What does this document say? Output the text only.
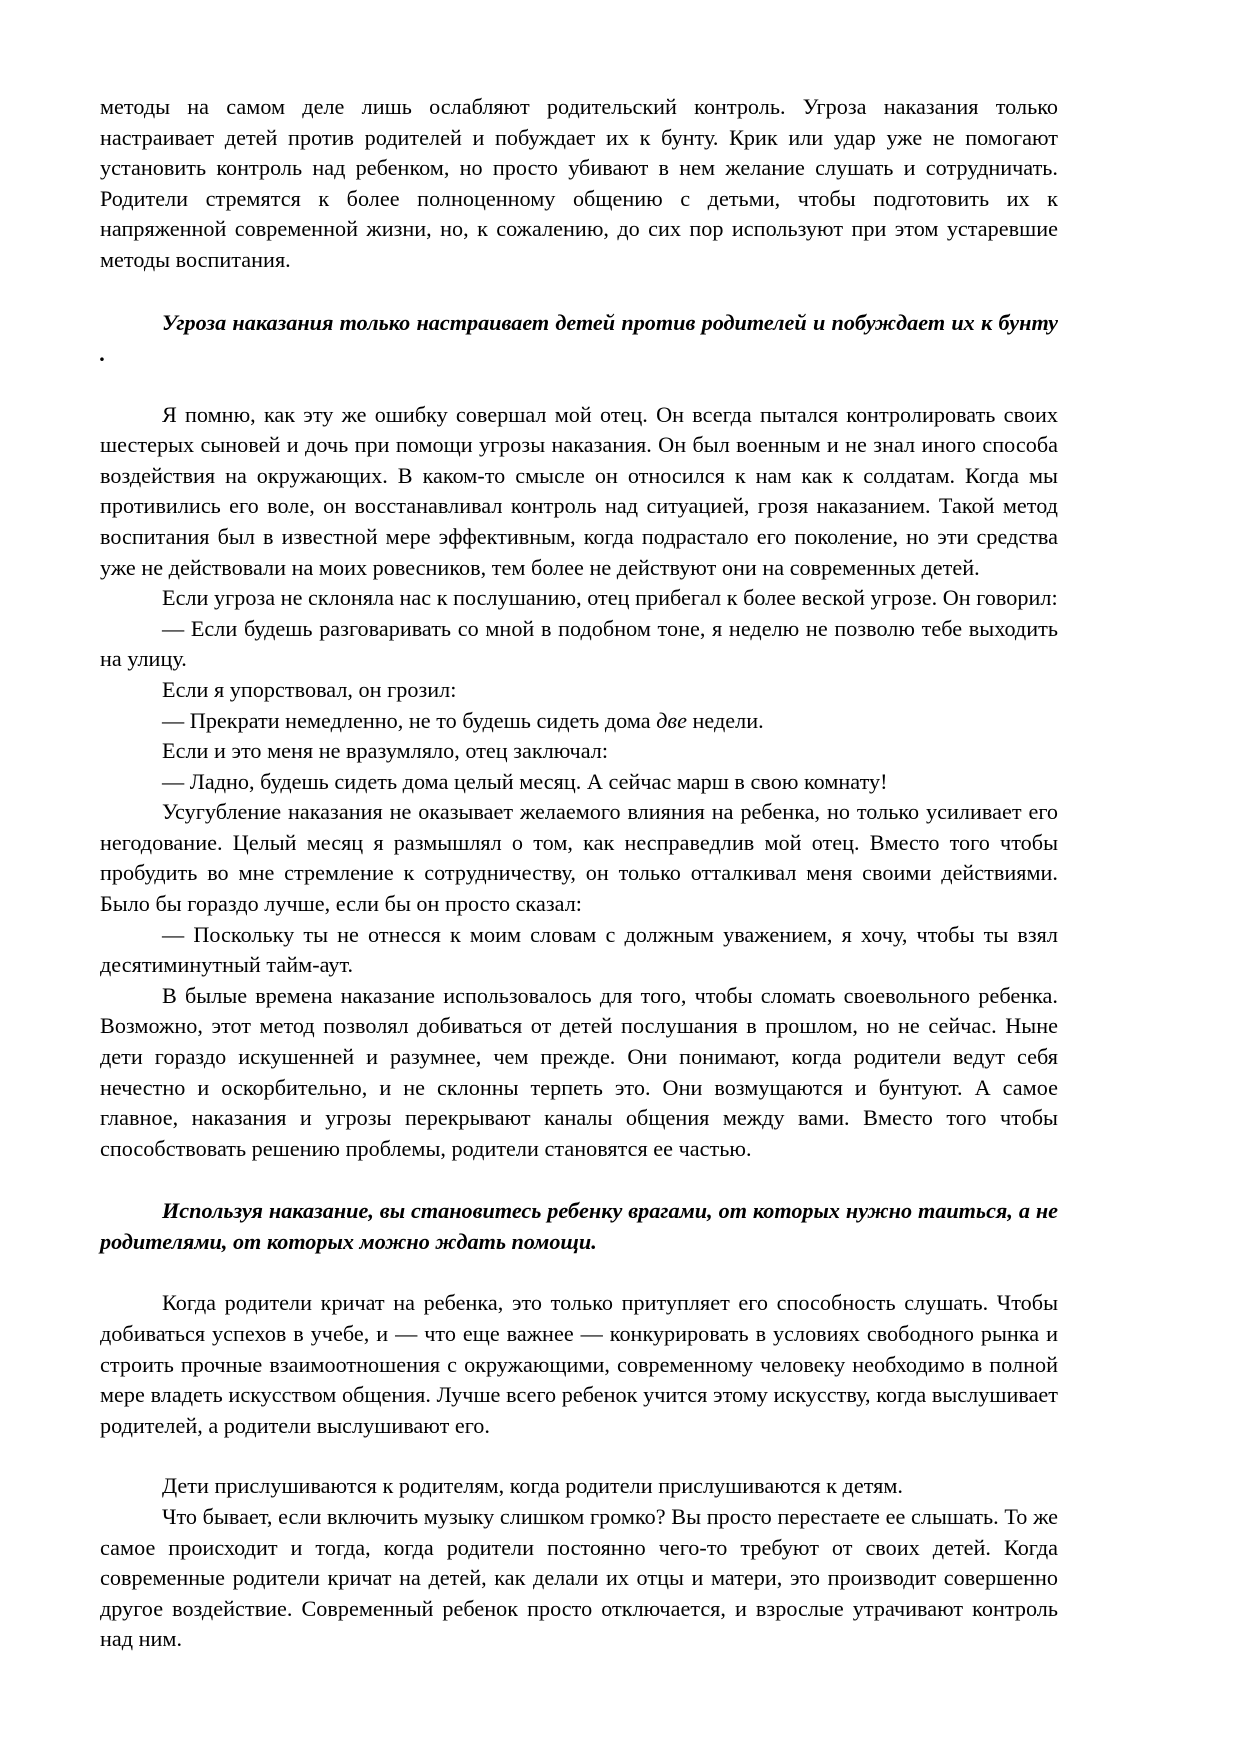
методы на самом деле лишь ослабляют родительский контроль. Угроза наказания только настраивает детей против родителей и побуждает их к бунту. Крик или удар уже не помогают установить контроль над ребенком, но просто убивают в нем желание слушать и сотрудничать. Родители стремятся к более полноценному общению с детьми, чтобы подготовить их к напряженной современной жизни, но, к сожалению, до сих пор используют при этом устаревшие методы воспитания.

Угроза наказания только настраивает детей против родителей и побуждает их к бунту .

Я помню, как эту же ошибку совершал мой отец. Он всегда пытался контролировать своих шестерых сыновей и дочь при помощи угрозы наказания. Он был военным и не знал иного способа воздействия на окружающих. В каком-то смысле он относился к нам как к солдатам. Когда мы противились его воле, он восстанавливал контроль над ситуацией, грозя наказанием. Такой метод воспитания был в известной мере эффективным, когда подрастало его поколение, но эти средства уже не действовали на моих ровесников, тем более не действуют они на современных детей.

Если угроза не склоняла нас к послушанию, отец прибегал к более веской угрозе. Он говорил:

— Если будешь разговаривать со мной в подобном тоне, я неделю не позволю тебе выходить на улицу.

Если я упорствовал, он грозил:

— Прекрати немедленно, не то будешь сидеть дома две недели.

Если и это меня не вразумляло, отец заключал:

— Ладно, будешь сидеть дома целый месяц. А сейчас марш в свою комнату!

Усугубление наказания не оказывает желаемого влияния на ребенка, но только усиливает его негодование. Целый месяц я размышлял о том, как несправедлив мой отец. Вместо того чтобы пробудить во мне стремление к сотрудничеству, он только отталкивал меня своими действиями. Было бы гораздо лучше, если бы он просто сказал:

— Поскольку ты не отнесся к моим словам с должным уважением, я хочу, чтобы ты взял десятиминутный тайм-аут.

В былые времена наказание использовалось для того, чтобы сломать своевольного ребенка. Возможно, этот метод позволял добиваться от детей послушания в прошлом, но не сейчас. Ныне дети гораздо искушенней и разумнее, чем прежде. Они понимают, когда родители ведут себя нечестно и оскорбительно, и не склонны терпеть это. Они возмущаются и бунтуют. А самое главное, наказания и угрозы перекрывают каналы общения между вами. Вместо того чтобы способствовать решению проблемы, родители становятся ее частью.

Используя наказание, вы становитесь ребенку врагами, от которых нужно таиться, а не родителями, от которых можно ждать помощи.

Когда родители кричат на ребенка, это только притупляет его способность слушать. Чтобы добиваться успехов в учебе, и — что еще важнее — конкурировать в условиях свободного рынка и строить прочные взаимоотношения с окружающими, современному человеку необходимо в полной мере владеть искусством общения. Лучше всего ребенок учится этому искусству, когда выслушивает родителей, а родители выслушивают его.

Дети прислушиваются к родителям, когда родители прислушиваются к детям.

Что бывает, если включить музыку слишком громко? Вы просто перестаете ее слышать. То же самое происходит и тогда, когда родители постоянно чего-то требуют от своих детей. Когда современные родители кричат на детей, как делали их отцы и матери, это производит совершенно другое воздействие. Современный ребенок просто отключается, и взрослые утрачивают контроль над ним.
